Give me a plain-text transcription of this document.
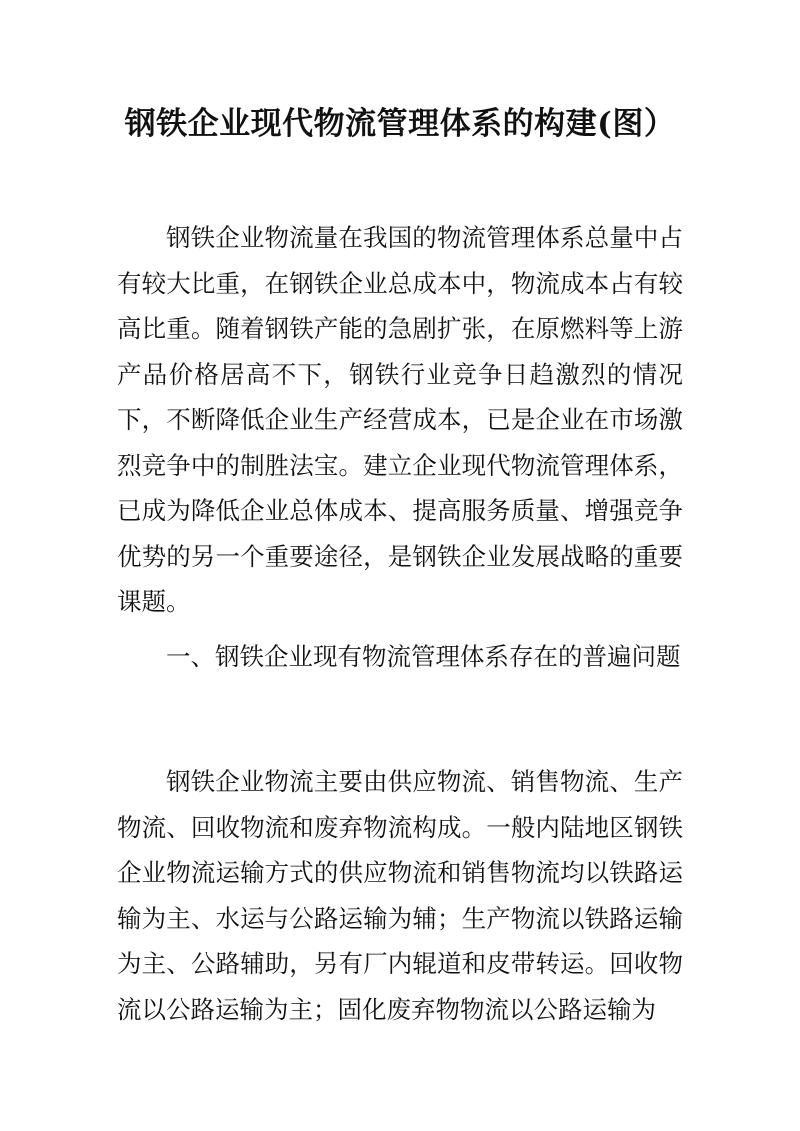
钢铁企业现代物流管理体系的构建(图）

钢铁企业物流量在我国的物流管理体系总量中占有较大比重，在钢铁企业总成本中，物流成本占有较高比重。随着钢铁产能的急剧扩张，在原燃料等上游产品价格居高不下，钢铁行业竞争日趋激烈的情况下，不断降低企业生产经营成本，已是企业在市场激烈竞争中的制胜法宝。建立企业现代物流管理体系，已成为降低企业总体成本、提高服务质量、增强竞争优势的另一个重要途径，是钢铁企业发展战略的重要课题。

一、钢铁企业现有物流管理体系存在的普遍问题

钢铁企业物流主要由供应物流、销售物流、生产物流、回收物流和废弃物流构成。一般内陆地区钢铁企业物流运输方式的供应物流和销售物流均以铁路运输为主、水运与公路运输为辅；生产物流以铁路运输为主、公路辅助，另有厂内辊道和皮带转运。回收物流以公路运输为主；固化废弃物物流以公路运输为
